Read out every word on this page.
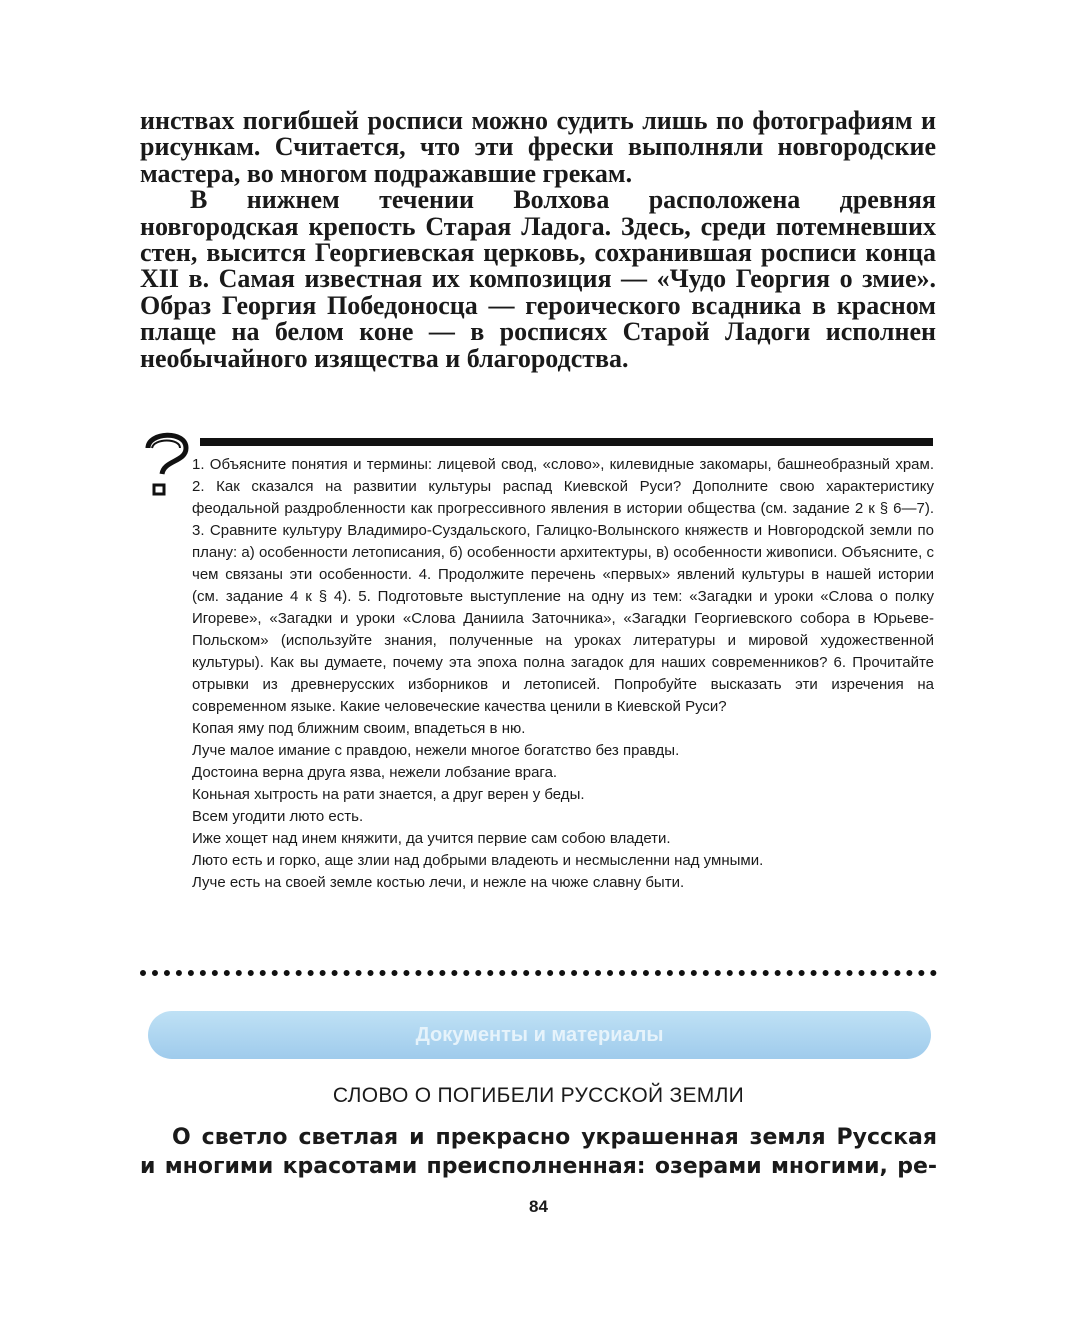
инствах погибшей росписи можно судить лишь по фотографиям и рисункам. Считается, что эти фрески выполняли новгородские мастера, во многом подражавшие грекам.

В нижнем течении Волхова расположена древняя новгородская крепость Старая Ладога. Здесь, среди потемневших стен, высится Георгиевская церковь, сохранившая росписи конца XII в. Самая известная их композиция — «Чудо Георгия о змие». Образ Георгия Победоносца — героического всадника в красном плаще на белом коне — в росписях Старой Ладоги исполнен необычайного изящества и благородства.

1. Объясните понятия и термины: лицевой свод, «слово», килевидные закомары, башнеобразный храм. 2. Как сказался на развитии культуры распад Киевской Руси? Дополните свою характеристику феодальной раздробленности как прогрессивного явления в истории общества (см. задание 2 к § 6—7). 3. Сравните культуру Владимиро-Суздальского, Галицко-Волынского княжеств и Новгородской земли по плану: а) особенности летописания, б) особенности архитектуры, в) особенности живописи. Объясните, с чем связаны эти особенности. 4. Продолжите перечень «первых» явлений культуры в нашей истории (см. задание 4 к § 4). 5. Подготовьте выступление на одну из тем: «Загадки и уроки «Слова о полку Игореве», «Загадки и уроки «Слова Даниила Заточника», «Загадки Георгиевского собора в Юрьеве-Польском» (используйте знания, полученные на уроках литературы и мировой художественной культуры). Как вы думаете, почему эта эпоха полна загадок для наших современников? 6. Прочитайте отрывки из древнерусских изборников и летописей. Попробуйте высказать эти изречения на современном языке. Какие человеческие качества ценили в Киевской Руси?

Копая яму под ближним своим, впадеться в ню.
Луче малое имание с правдою, нежели многое богатство без правды.
Достоина верна друга язва, нежели лобзание врага.
Коньная хытрость на рати знается, а друг верен у беды.
Всем угодити люто есть.
Иже хощет над инем княжити, да учится первие сам собою владети.
Люто есть и горко, аще злии над добрыми владеють и несмысленни над умными.
Луче есть на своей земле костью лечи, и нежле на чюже славну быти.
Документы и материалы
СЛОВО О ПОГИБЕЛИ РУССКОЙ ЗЕМЛИ

О светло светлая и прекрасно украшенная земля Русская и многими красотами преисполненная: озерами многими, ре-

84
